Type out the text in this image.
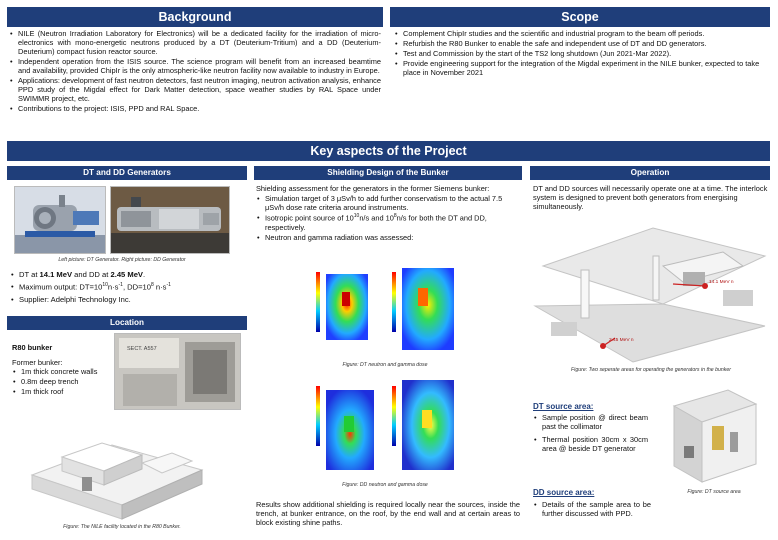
Background
• NILE (Neutron Irradiation Laboratory for Electronics) will be a dedicated facility for the irradiation of micro-electronics with mono-energetic neutrons produced by a DT (Deuterium-Tritium) and a DD (Deuterium-Deuterium) compact fusion reactor source.
• Independent operation from the ISIS source. The science program will benefit from an increased beamtime and availability, provided ChipIr is the only atmospheric-like neutron facility now available to industry in Europe.
• Applications: development of fast neutron detectors, fast neutron imaging, neutron activation analysis, enhance PPD study of the Migdal effect for Dark Matter detection, space weather studies by RAL Space under SWIMMR project, etc.
• Contributions to the project: ISIS, PPD and RAL Space.
Scope
• Complement ChipIr studies and the scientific and industrial program to the beam off periods.
• Refurbish the R80 Bunker to enable the safe and independent use of DT and DD generators.
• Test and Commission by the start of the TS2 long shutdown (Jun 2021-Mar 2022).
• Provide engineering support for the integration of the Migdal experiment in the NILE bunker, expected to take place in November 2021
Key aspects of the Project
DT and DD Generators
Left picture: DT Generator. Right picture: DD Generator
• DT at 14.1 MeV and DD at 2.45 MeV.
• Maximum output: $DT=10^{10}n\cdot s^{-1}$, $DD=10^8$ $n\cdot s^{-1}$
• Supplier: Adelphi Technology Inc.
Location
R80 bunker
Former bunker:
• 1m thick concrete walls
• 0.8m deep trench
• 1m thick roof
SECT. A557
Figure: The NILE facility located in the R80 Bunker.
Shielding Design of the Bunker
Shielding assessment for the generators in the former Siemens bunker:
• Simulation target of 3 μSv/h to add further conservatism to the actual 7.5 μSv/h dose rate criteria around instruments.
• Isotropic point source of $10^{10}n/s$ and $10^8n/s$ for both the DT and DD, respectively.
• Neutron and gamma radiation was assessed:
Figure: DT neutron and gamma dose
Figure: DD neutron and gamma dose
Results show additional shielding is required locally near the sources, inside the trench, at bunker entrance, on the roof, by the end wall and at certain areas to block existing shine paths.
Operation
DT and DD sources will necessarily operate one at a time. The interlock system is designed to prevent both generators from energising simultaneously.
14.1 MeV n
2.45 MeV n
Figure: Two seperate areas for operating the generators in the bunker
DT source area:
• Sample position @ direct beam past the collimator
• Thermal position 30cm x 30cm area @ beside DT generator
Figure: DT source area
DD source area:
• Details of the sample area to be further discussed with PPD.
